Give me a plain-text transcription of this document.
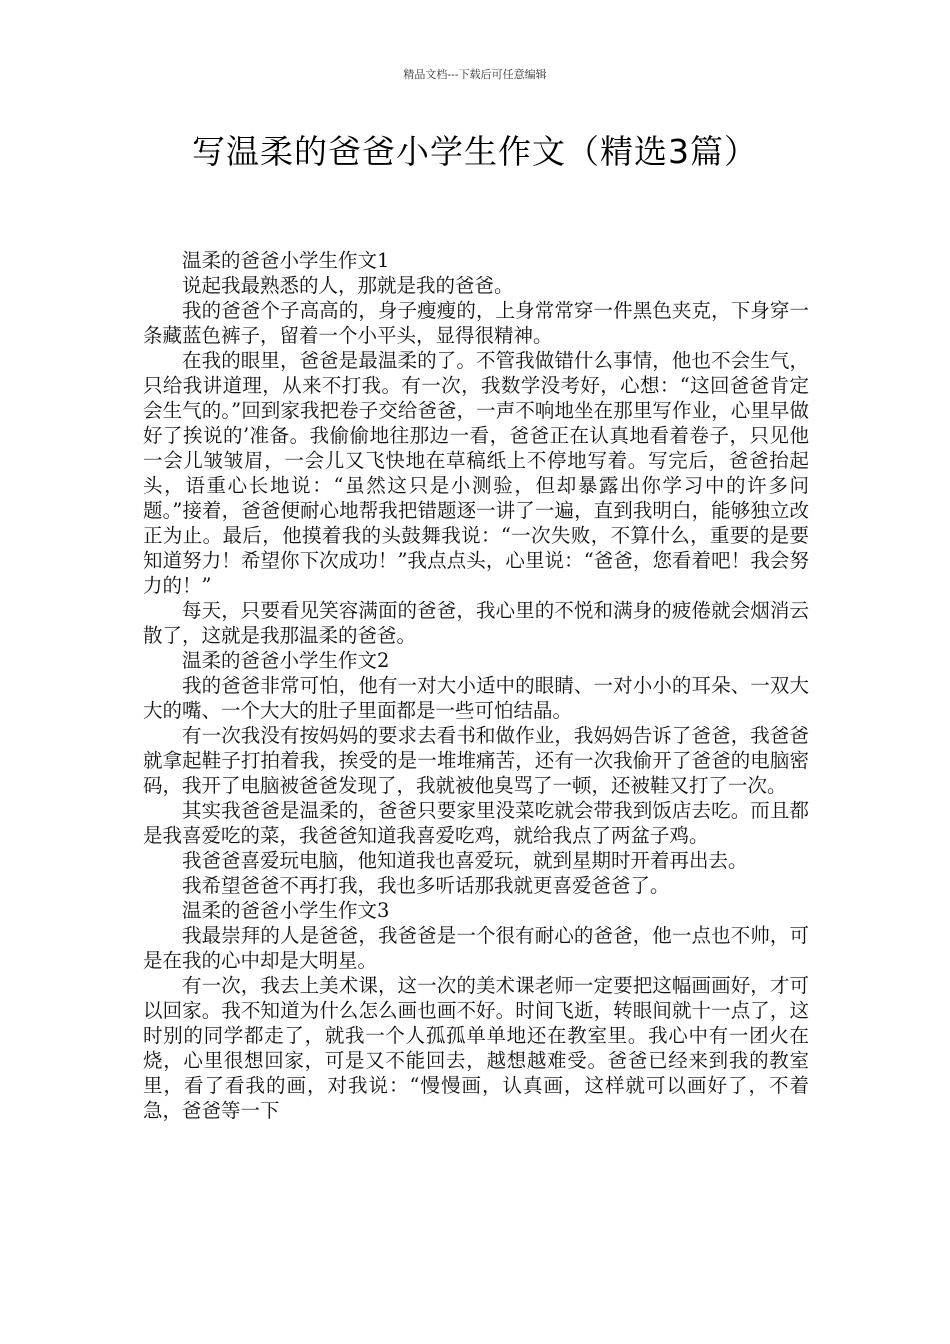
精品文档---下载后可任意编辑
写温柔的爸爸小学生作文（精选3篇）

温柔的爸爸小学生作文1

说起我最熟悉的人，那就是我的爸爸。

我的爸爸个子高高的，身子瘦瘦的，上身常常穿一件黑色夹克，下身穿一条藏蓝色裤子，留着一个小平头，显得很精神。

在我的眼里，爸爸是最温柔的了。不管我做错什么事情，他也不会生气，只给我讲道理，从来不打我。有一次，我数学没考好，心想：“这回爸爸肯定会生气的。”回到家我把卷子交给爸爸，一声不响地坐在那里写作业，心里早做好了挨说的’准备。我偷偷地往那边一看，爸爸正在认真地看着卷子，只见他一会儿皱皱眉，一会儿又飞快地在草稿纸上不停地写着。写完后，爸爸抬起头，语重心长地说：“虽然这只是小测验，但却暴露出你学习中的许多问题。”接着，爸爸便耐心地帮我把错题逐一讲了一遍，直到我明白，能够独立改正为止。最后，他摸着我的头鼓舞我说：“一次失败，不算什么，重要的是要知道努力！希望你下次成功！”我点点头，心里说：“爸爸，您看着吧！我会努力的！”

每天，只要看见笑容满面的爸爸，我心里的不悦和满身的疲倦就会烟消云散了，这就是我那温柔的爸爸。

温柔的爸爸小学生作文2

我的爸爸非常可怕，他有一对大小适中的眼睛、一对小小的耳朵、一双大大的嘴、一个大大的肚子里面都是一些可怕结晶。

有一次我没有按妈妈的要求去看书和做作业，我妈妈告诉了爸爸，我爸爸就拿起鞋子打拍着我，挨受的是一堆堆痛苦，还有一次我偷开了爸爸的电脑密码，我开了电脑被爸爸发现了，我就被他臭骂了一顿，还被鞋又打了一次。

其实我爸爸是温柔的，爸爸只要家里没菜吃就会带我到饭店去吃。而且都是我喜爱吃的菜，我爸爸知道我喜爱吃鸡，就给我点了两盆子鸡。

我爸爸喜爱玩电脑，他知道我也喜爱玩，就到星期时开着再出去。

我希望爸爸不再打我，我也多听话那我就更喜爱爸爸了。

温柔的爸爸小学生作文3

我最崇拜的人是爸爸，我爸爸是一个很有耐心的爸爸，他一点也不帅，可是在我的心中却是大明星。

有一次，我去上美术课，这一次的美术课老师一定要把这幅画画好，才可以回家。我不知道为什么怎么画也画不好。时间飞逝，转眼间就十一点了，这时别的同学都走了，就我一个人孤孤单单地还在教室里。我心中有一团火在烧，心里很想回家，可是又不能回去，越想越难受。爸爸已经来到我的教室里，看了看我的画，对我说：“慢慢画，认真画，这样就可以画好了，不着急，爸爸等一下
